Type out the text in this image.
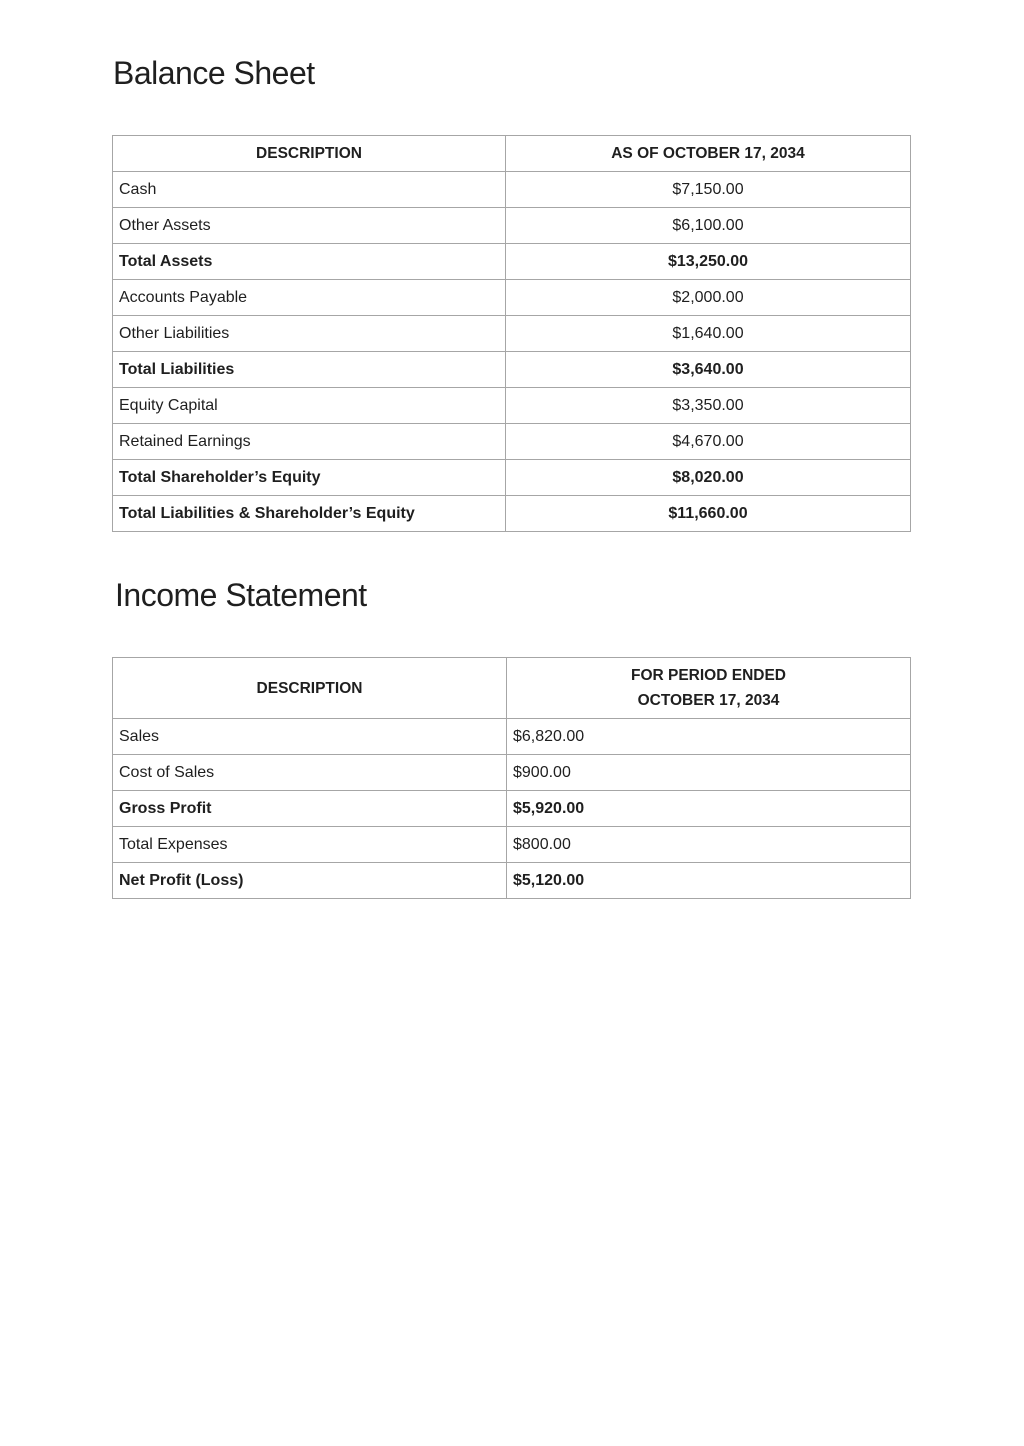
Balance Sheet
DESCRIPTION	AS OF OCTOBER 17, 2034
Cash	$7,150.00
Other Assets	$6,100.00
Total Assets	$13,250.00
Accounts Payable	$2,000.00
Other Liabilities	$1,640.00
Total Liabilities	$3,640.00
Equity Capital	$3,350.00
Retained Earnings	$4,670.00
Total Shareholder’s Equity	$8,020.00
Total Liabilities & Shareholder’s Equity	$11,660.00
Income Statement
DESCRIPTION	FOR PERIOD ENDED
OCTOBER 17, 2034

Sales	$6,820.00
Cost of Sales	$900.00
Gross Profit	$5,920.00
Total Expenses	$800.00
Net Profit (Loss)	$5,120.00
